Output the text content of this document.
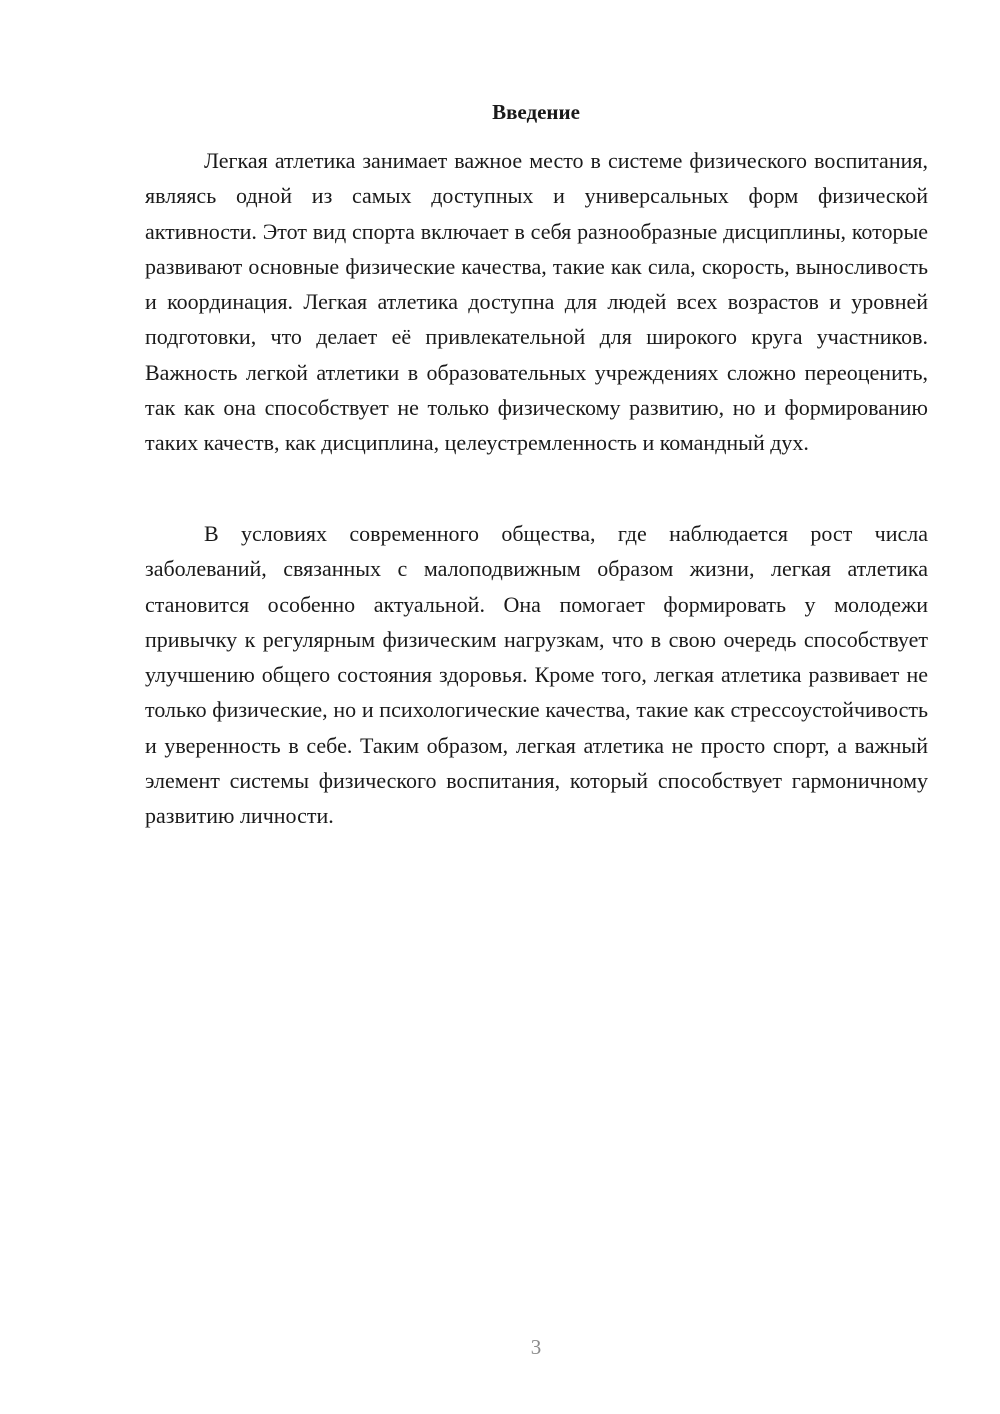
Введение

Легкая атлетика занимает важное место в системе физического воспитания, являясь одной из самых доступных и универсальных форм физической активности. Этот вид спорта включает в себя разнообразные дисциплины, которые развивают основные физические качества, такие как сила, скорость, выносливость и координация. Легкая атлетика доступна для людей всех возрастов и уровней подготовки, что делает её привлекательной для широкого круга участников. Важность легкой атлетики в образовательных учреждениях сложно переоценить, так как она способствует не только физическому развитию, но и формированию таких качеств, как дисциплина, целеустремленность и командный дух.

В условиях современного общества, где наблюдается рост числа заболеваний, связанных с малоподвижным образом жизни, легкая атлетика становится особенно актуальной. Она помогает формировать у молодежи привычку к регулярным физическим нагрузкам, что в свою очередь способствует улучшению общего состояния здоровья. Кроме того, легкая атлетика развивает не только физические, но и психологические качества, такие как стрессоустойчивость и уверенность в себе. Таким образом, легкая атлетика не просто спорт, а важный элемент системы физического воспитания, который способствует гармоничному развитию личности.

3
